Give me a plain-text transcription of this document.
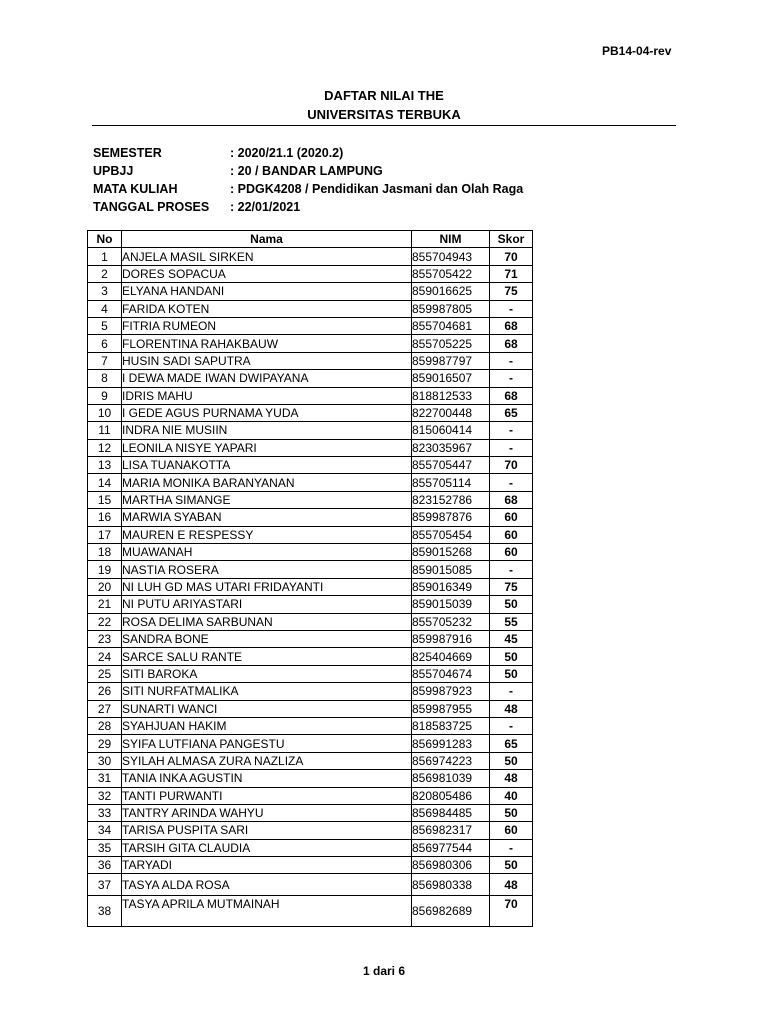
PB14-04-rev
DAFTAR NILAI THE
UNIVERSITAS TERBUKA
SEMESTER	: 2020/21.1 (2020.2)
UPBJJ	: 20 / BANDAR LAMPUNG
MATA KULIAH	: PDGK4208 / Pendidikan Jasmani dan Olah Raga
TANGGAL PROSES : 22/01/2021
No	Nama	NIM	Skor
1	ANJELA MASIL SIRKEN	855704943	70
2	DORES SOPACUA	855705422	71
3	ELYANA HANDANI	859016625	75
4	FARIDA KOTEN	859987805	-
5	FITRIA RUMEON	855704681	68
6	FLORENTINA RAHAKBAUW	855705225	68
7	HUSIN SADI SAPUTRA	859987797	-
8	I DEWA MADE IWAN DWIPAYANA	859016507	-
9	IDRIS MAHU	818812533	68
10	I GEDE AGUS PURNAMA YUDA	822700448	65
11	INDRA NIE MUSIIN	815060414	-
12	LEONILA NISYE YAPARI	823035967	-
13	LISA TUANAKOTTA	855705447	70
14	MARIA MONIKA BARANYANAN	855705114	-
15	MARTHA SIMANGE	823152786	68
16	MARWIA SYABAN	859987876	60
17	MAUREN E RESPESSY	855705454	60
18	MUAWANAH	859015268	60
19	NASTIA ROSERA	859015085	-
20	NI LUH GD MAS UTARI FRIDAYANTI	859016349	75
21	NI PUTU ARIYASTARI	859015039	50
22	ROSA DELIMA SARBUNAN	855705232	55
23	SANDRA BONE	859987916	45
24	SARCE SALU RANTE	825404669	50
25	SITI BAROKA	855704674	50
26	SITI NURFATMALIKA	859987923	-
27	SUNARTI WANCI	859987955	48
28	SYAHJUAN HAKIM	818583725	-
29	SYIFA LUTFIANA PANGESTU	856991283	65
30	SYILAH ALMASA ZURA NAZLIZA	856974223	50
31	TANIA INKA AGUSTIN	856981039	48
32	TANTI PURWANTI	820805486	40
33	TANTRY ARINDA WAHYU	856984485	50
34	TARISA PUSPITA SARI	856982317	60
35	TARSIH GITA CLAUDIA	856977544	-
36	TARYADI	856980306	50
37	TASYA ALDA ROSA	856980338	48
38	TASYA APRILA MUTMAINAH	856982689	70
1 dari 6
